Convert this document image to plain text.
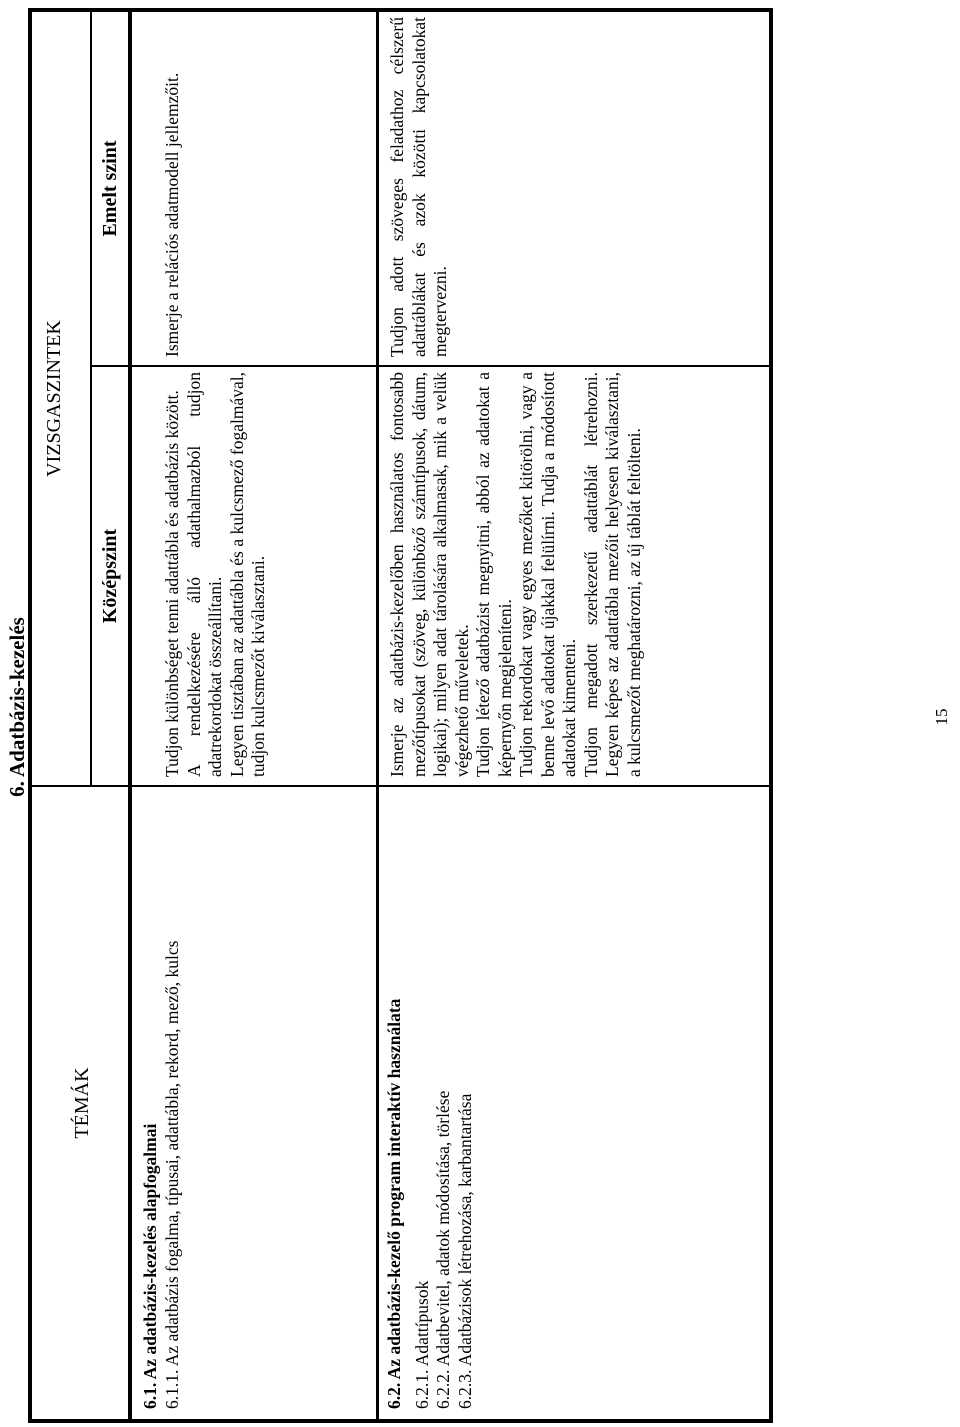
6. Adatbázis-kezelés
TÉMÁK
VIZSGASZINTEK
Középszint
Emelt szint
6.1. Az adatbázis-kezelés alapfogalmai 6.1.1. Az adatbázis fogalma, típusai, adattábla, rekord, mező, kulcs
Tudjon különbséget tenni adattábla és adatbázis között. A rendelkezésére álló adathalmazból tudjon adatrekordokat összeállítani. Legyen tisztában az adattábla és a kulcsmező fogalmával, tudjon kulcsmezőt kiválasztani.
Ismerje a relációs adatmodell jellemzőit.
6.2. Az adatbázis-kezelő program interaktív használata 6.2.1. Adattípusok 6.2.2. Adatbevitel, adatok módosítása, törlése 6.2.3. Adatbázisok létrehozása, karbantartása
Ismerje az adatbázis-kezelőben használatos fontosabb mezőtípusokat (szöveg, különböző számtípusok, dátum, logikai); milyen adat tárolására alkalmasak, mik a velük végezhető műveletek. Tudjon létező adatbázist megnyitni, abból az adatokat a képernyőn megjeleníteni. Tudjon rekordokat vagy egyes mezőket kitörölni, vagy a benne levő adatokat újakkal felülírni. Tudja a módosított adatokat kimenteni. Tudjon megadott szerkezetű adattáblát létrehozni. Legyen képes az adattábla mezőit helyesen kiválasztani, a kulcsmezőt meghatározni, az új táblát feltölteni.
Tudjon adott szöveges feladathoz célszerű adattáblákat és azok közötti kapcsolatokat megtervezni.
15
